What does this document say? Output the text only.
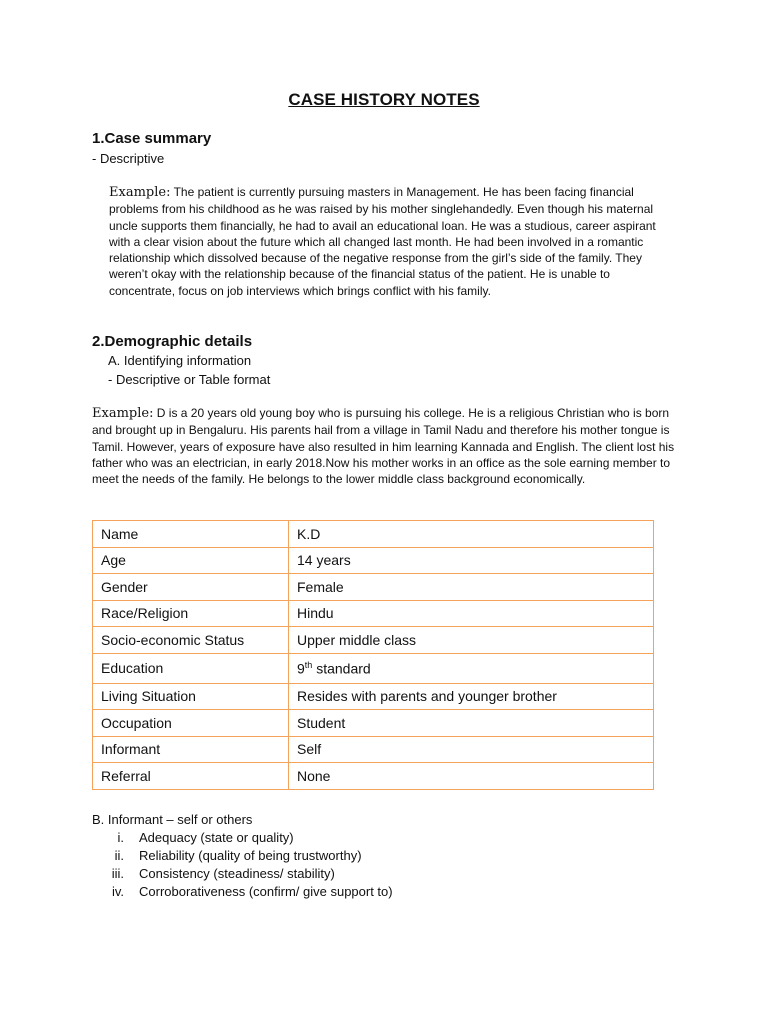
CASE HISTORY NOTES
1.Case summary
- Descriptive

Example: The patient is currently pursuing masters in Management. He has been facing financial problems from his childhood as he was raised by his mother singlehandedly. Even though his maternal uncle supports them financially, he had to avail an educational loan. He was a studious, career aspirant with a clear vision about the future which all changed last month. He had been involved in a romantic relationship which dissolved because of the negative response from the girl’s side of the family. They weren’t okay with the relationship because of the financial status of the patient. He is unable to concentrate, focus on job interviews which brings conflict with his family.

2.Demographic details
A. Identifying information
- Descriptive or Table format

Example: D is a 20 years old young boy who is pursuing his college. He is a religious Christian who is born and brought up in Bengaluru. His parents hail from a village in Tamil Nadu and therefore his mother tongue is Tamil. However, years of exposure have also resulted in him learning Kannada and English. The client lost his father who was an electrician, in early 2018.Now his mother works in an office as the sole earning member to meet the needs of the family. He belongs to the lower middle class background economically.

Name	K.D
Age	14 years
Gender	Female
Race/Religion	Hindu
Socio-economic Status	Upper middle class
Education	9th standard
Living Situation	Resides with parents and younger brother
Occupation	Student
Informant	Self
Referral	None
B. Informant – self or others
i. Adequacy (state or quality)
ii. Reliability (quality of being trustworthy)
iii. Consistency (steadiness/ stability)
iv. Corroborativeness (confirm/ give support to)
